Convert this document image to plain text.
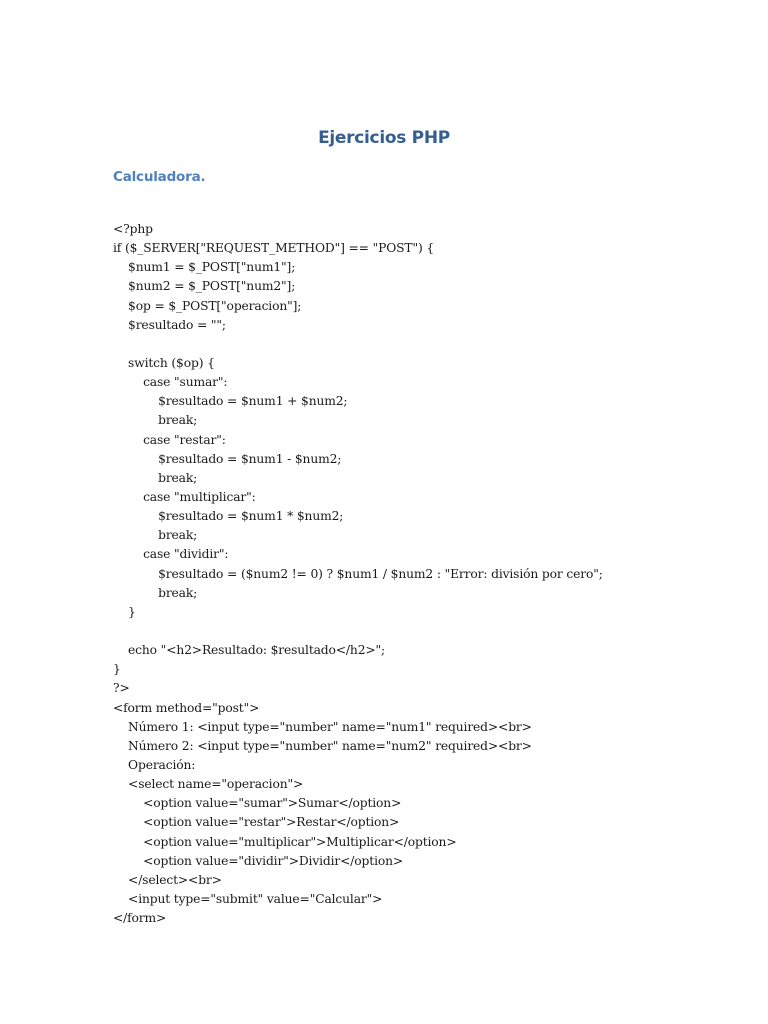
Ejercicios PHP
Calculadora.
<?php
if ($_SERVER["REQUEST_METHOD"] == "POST") {
$num1 = $_POST["num1"];
$num2 = $_POST["num2"];
$op = $_POST["operacion"];
$resultado = "";
switch ($op) {
case "sumar":
$resultado = $num1 + $num2;
break;
case "restar":
$resultado = $num1 - $num2;
break;
case "multiplicar":
$resultado = $num1 * $num2;
break;
case "dividir":
$resultado = ($num2 != 0) ? $num1 / $num2 : "Error: división por cero";
break;
}
echo "<h2>Resultado: $resultado</h2>";
}
?>
<form method="post">
Número 1: <input type="number" name="num1" required><br>
Número 2: <input type="number" name="num2" required><br>
Operación:
<select name="operacion">
<option value="sumar">Sumar</option>
<option value="restar">Restar</option>
<option value="multiplicar">Multiplicar</option>
<option value="dividir">Dividir</option>
</select><br>
<input type="submit" value="Calcular">
</form>
